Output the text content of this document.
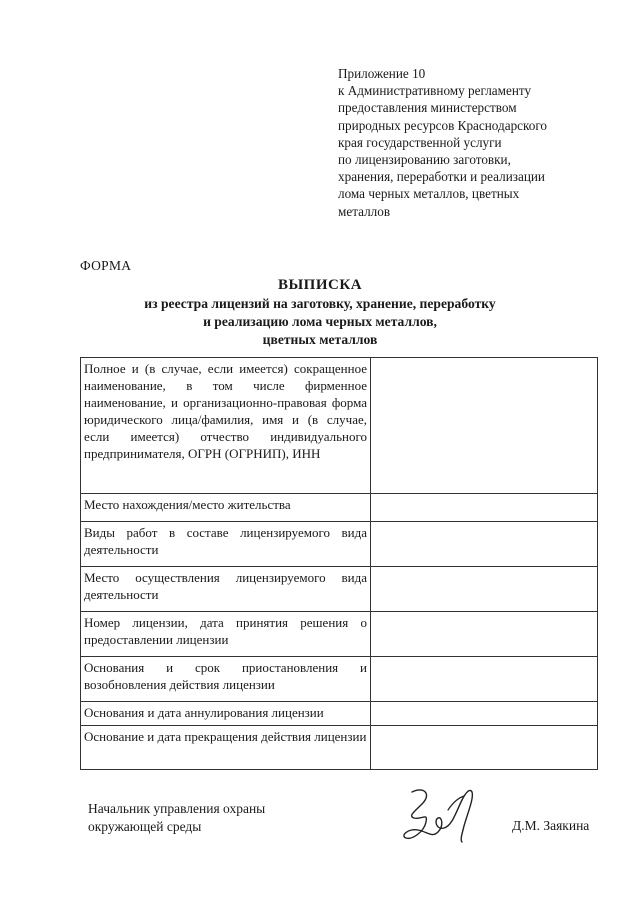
Приложение 10
к Административному регламенту
предоставления министерством
природных ресурсов Краснодарского
края государственной услуги
по лицензированию заготовки,
хранения, переработки и реализации
лома черных металлов, цветных
металлов
ФОРМА
ВЫПИСКА
из реестра лицензий на заготовку, хранение, переработку
и реализацию лома черных металлов,
цветных металлов
Полное и (в случае, если имеется) сокращенное наименование, в том числе фирменное наименование, и организационно-правовая форма юридического лица/фамилия, имя и (в случае, если имеется) отчество индивидуального предпринимателя, ОГРН (ОГРНИП), ИНН	
Место нахождения/место жительства	
Виды работ в составе лицензируемого вида деятельности	
Место осуществления лицензируемого вида деятельности	
Номер лицензии, дата принятия решения о предоставлении лицензии	
Основания и срок приостановления и возобновления действия лицензии	
Основания и дата аннулирования лицензии	
Основание и дата прекращения действия лицензии	
Начальник управления охраны
окружающей среды	Д.М. Заякина
